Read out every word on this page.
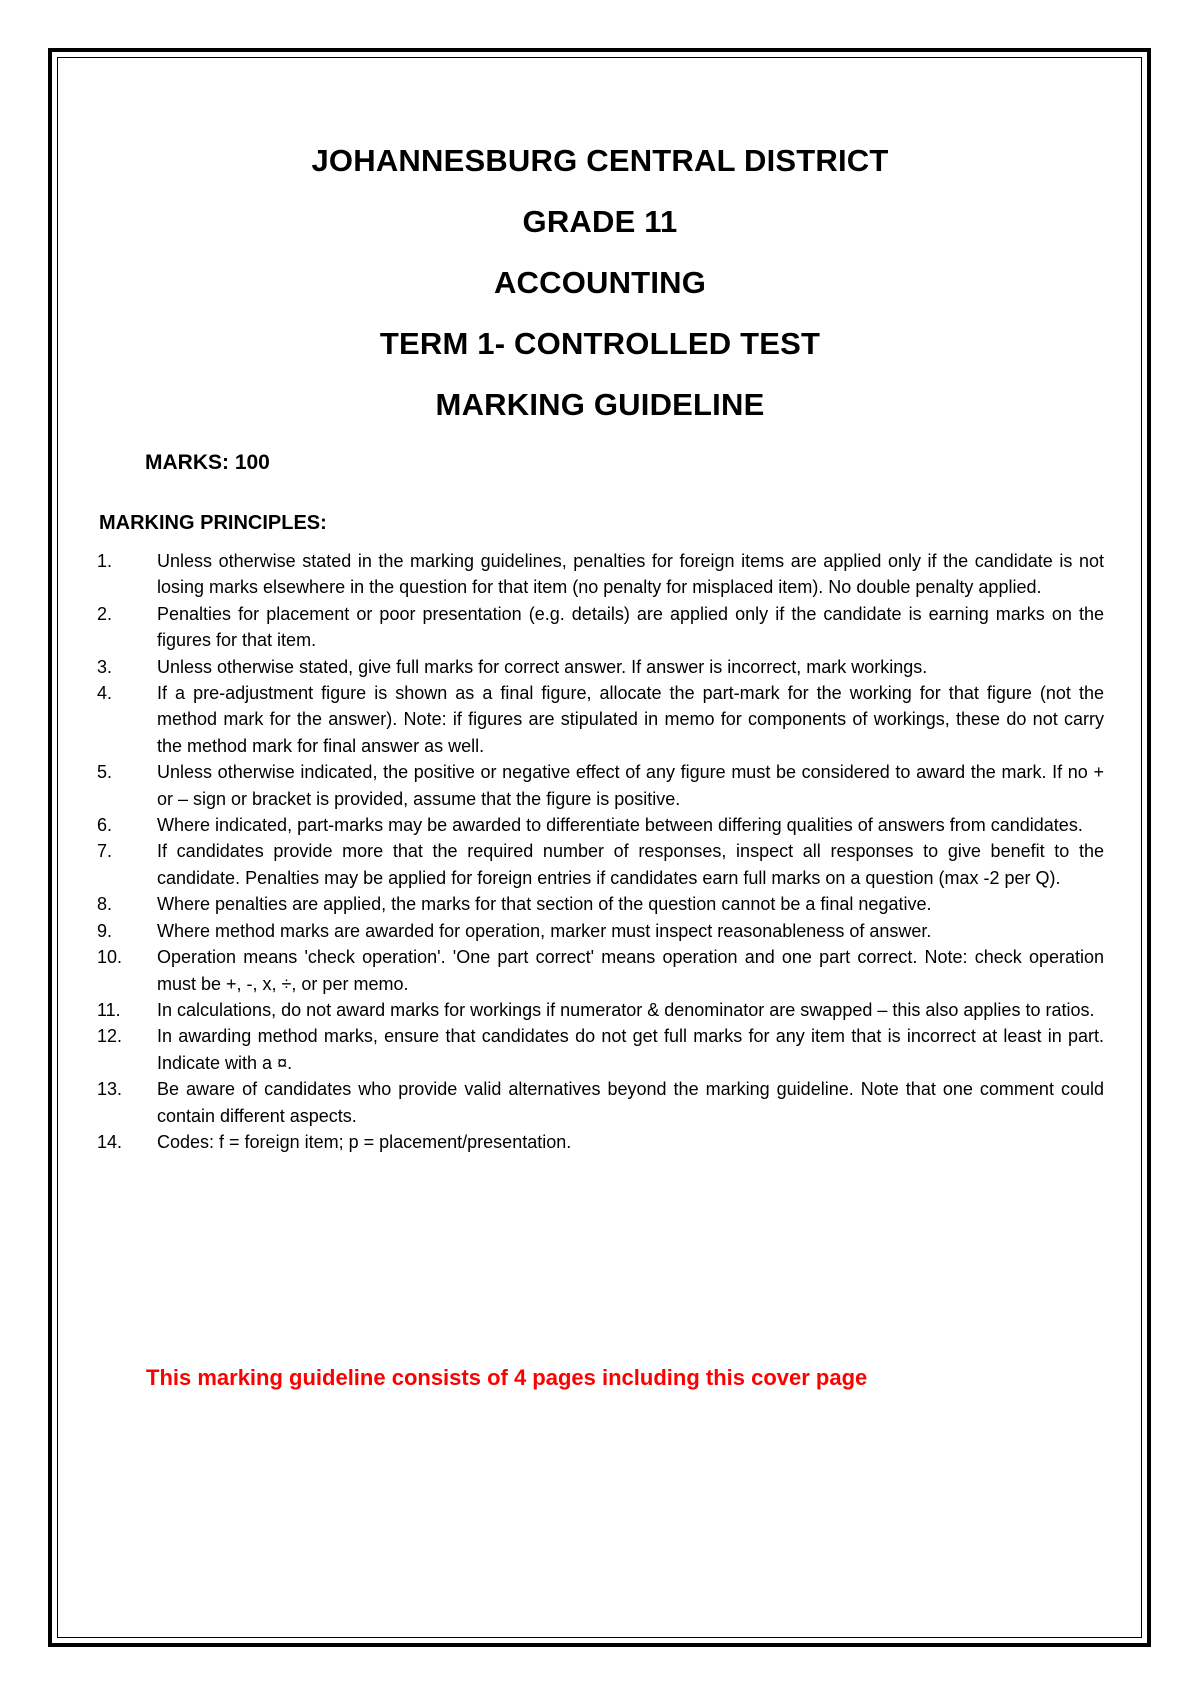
JOHANNESBURG CENTRAL DISTRICT
GRADE 11
ACCOUNTING
TERM 1- CONTROLLED TEST
MARKING GUIDELINE
MARKS: 100
MARKING PRINCIPLES:
1.	Unless otherwise stated in the marking guidelines, penalties for foreign items are applied only if the candidate is not losing marks elsewhere in the question for that item (no penalty for misplaced item). No double penalty applied.
2.	Penalties for placement or poor presentation (e.g. details) are applied only if the candidate is earning marks on the figures for that item.
3.	Unless otherwise stated, give full marks for correct answer. If answer is incorrect, mark workings.
4.	If a pre-adjustment figure is shown as a final figure, allocate the part-mark for the working for that figure (not the method mark for the answer). Note: if figures are stipulated in memo for components of workings, these do not carry the method mark for final answer as well.
5.	Unless otherwise indicated, the positive or negative effect of any figure must be considered to award the mark. If no + or – sign or bracket is provided, assume that the figure is positive.
6.	Where indicated, part-marks may be awarded to differentiate between differing qualities of answers from candidates.
7.	If candidates provide more that the required number of responses, inspect all responses to give benefit to the candidate. Penalties may be applied for foreign entries if candidates earn full marks on a question (max -2 per Q).
8.	Where penalties are applied, the marks for that section of the question cannot be a final negative.
9.	Where method marks are awarded for operation, marker must inspect reasonableness of answer.
10.	Operation means 'check operation'. 'One part correct' means operation and one part correct. Note: check operation must be +, -, x, ÷, or per memo.
11.	In calculations, do not award marks for workings if numerator & denominator are swapped – this also applies to ratios.
12.	In awarding method marks, ensure that candidates do not get full marks for any item that is incorrect at least in part. Indicate with a ¤.
13.	Be aware of candidates who provide valid alternatives beyond the marking guideline. Note that one comment could contain different aspects.
14.	Codes: f = foreign item; p = placement/presentation.
This marking guideline consists of 4 pages including this cover page
